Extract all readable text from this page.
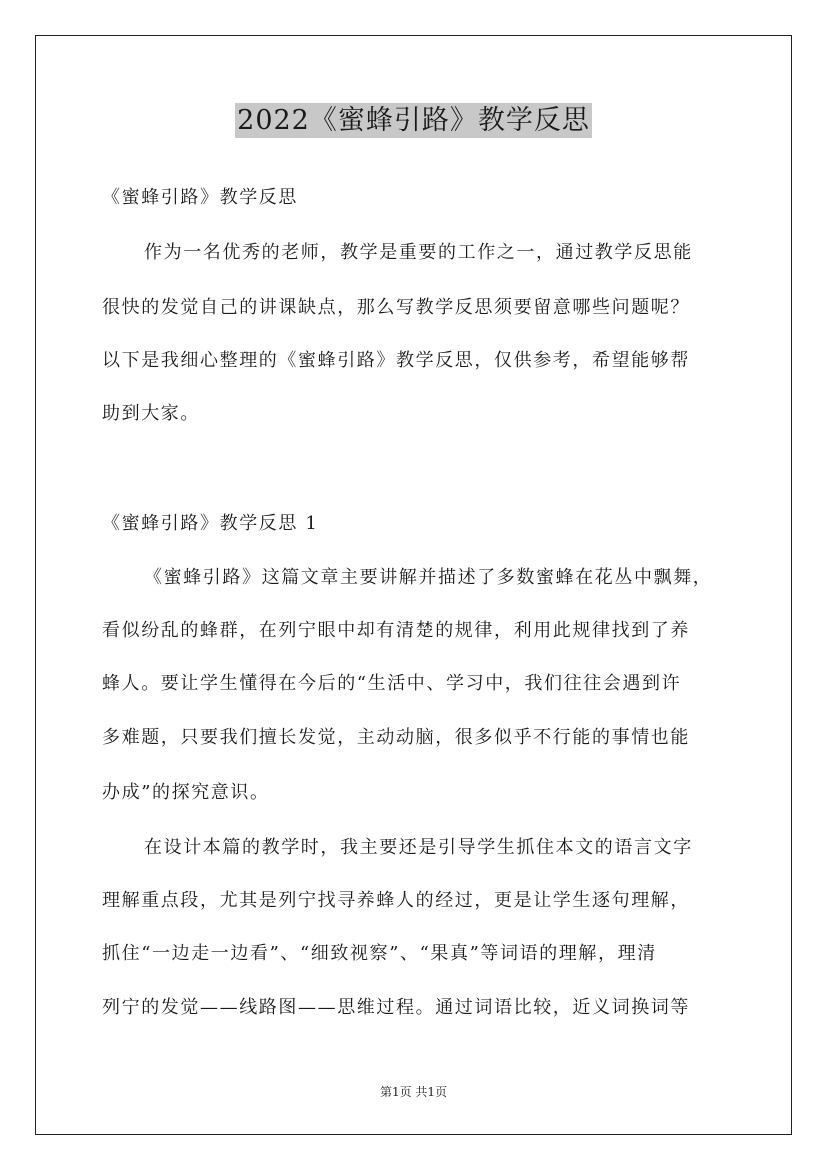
2022《蜜蜂引路》教学反思
《蜜蜂引路》教学反思
作为一名优秀的老师，教学是重要的工作之一，通过教学反思能
很快的发觉自己的讲课缺点，那么写教学反思须要留意哪些问题呢？
以下是我细心整理的《蜜蜂引路》教学反思，仅供参考，希望能够帮
助到大家。
《蜜蜂引路》教学反思 1
《蜜蜂引路》这篇文章主要讲解并描述了多数蜜蜂在花丛中飘舞，
看似纷乱的蜂群，在列宁眼中却有清楚的规律，利用此规律找到了养
蜂人。要让学生懂得在今后的“生活中、学习中，我们往往会遇到许
多难题，只要我们擅长发觉，主动动脑，很多似乎不行能的事情也能
办成”的探究意识。
在设计本篇的教学时，我主要还是引导学生抓住本文的语言文字
理解重点段，尤其是列宁找寻养蜂人的经过，更是让学生逐句理解，
抓住“一边走一边看”、“细致视察”、“果真”等词语的理解，理清
列宁的发觉——线路图——思维过程。通过词语比较，近义词换词等
第1页 共1页
